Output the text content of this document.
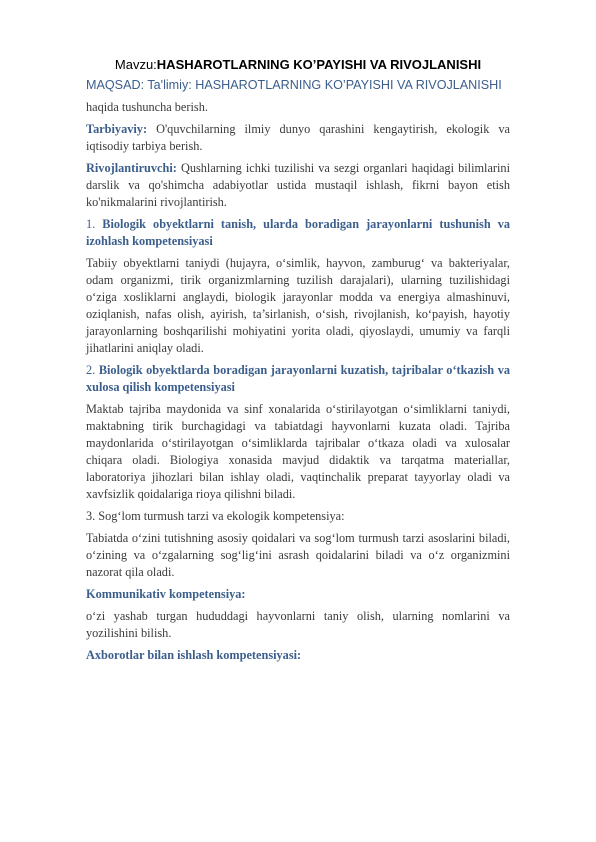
Mavzu:HASHAROTLARNING KO’PAYISHI VA RIVOJLANISHI

MAQSAD: Ta'limiy: HASHAROTLARNING KO’PAYISHI VA RIVOJLANISHI

haqida tushuncha berish.

Tarbiyaviy: O'quvchilarning ilmiy dunyo qarashini kengaytirish, ekologik va iqtisodiy tarbiya berish.

Rivojlantiruvchi: Qushlarning ichki tuzilishi va sezgi organlari haqidagi bilimlarini darslik va qo'shimcha adabiyotlar ustida mustaqil ishlash, fikrni bayon etish ko'nikmalarini rivojlantirish.

1. Biologik obyektlarni tanish, ularda boradigan jarayonlarni tushunish va izohlash kompetensiyasi

Tabiiy obyektlarni taniydi (hujayra, o‘simlik, hayvon, zamburug‘ va bakteriyalar, odam organizmi, tirik organizmlarning tuzilish darajalari), ularning tuzilishidagi o‘ziga xosliklarni anglaydi, biologik jarayonlar modda va energiya almashinuvi, oziqlanish, nafas olish, ayirish, ta’sirlanish, o‘sish, rivojlanish, ko‘payish, hayotiy jarayonlarning boshqarilishi mohiyatini yorita oladi, qiyoslaydi, umumiy va farqli jihatlarini aniqlay oladi.

2. Biologik obyektlarda boradigan jarayonlarni kuzatish, tajribalar o‘tkazish va xulosa qilish kompetensiyasi

Maktab tajriba maydonida va sinf xonalarida o‘stirilayotgan o‘simliklarni taniydi, maktabning tirik burchagidagi va tabiatdagi hayvonlarni kuzata oladi. Tajriba maydonlarida o‘stirilayotgan o‘simliklarda tajribalar o‘tkaza oladi va xulosalar chiqara oladi. Biologiya xonasida mavjud didaktik va tarqatma materiallar, laboratoriya jihozlari bilan ishlay oladi, vaqtinchalik preparat tayyorlay oladi va xavfsizlik qoidalariga rioya qilishni biladi.

3. Sog‘lom turmush tarzi va ekologik kompetensiya:

Tabiatda o‘zini tutishning asosiy qoidalari va sog‘lom turmush tarzi asoslarini biladi, o‘zining va o‘zgalarning sog‘lig‘ini asrash qoidalarini biladi va o‘z organizmini nazorat qila oladi.

Kommunikativ kompetensiya:

o‘zi yashab turgan hududdagi hayvonlarni taniy olish, ularning nomlarini va yozilishini bilish.

Axborotlar bilan ishlash kompetensiyasi:
